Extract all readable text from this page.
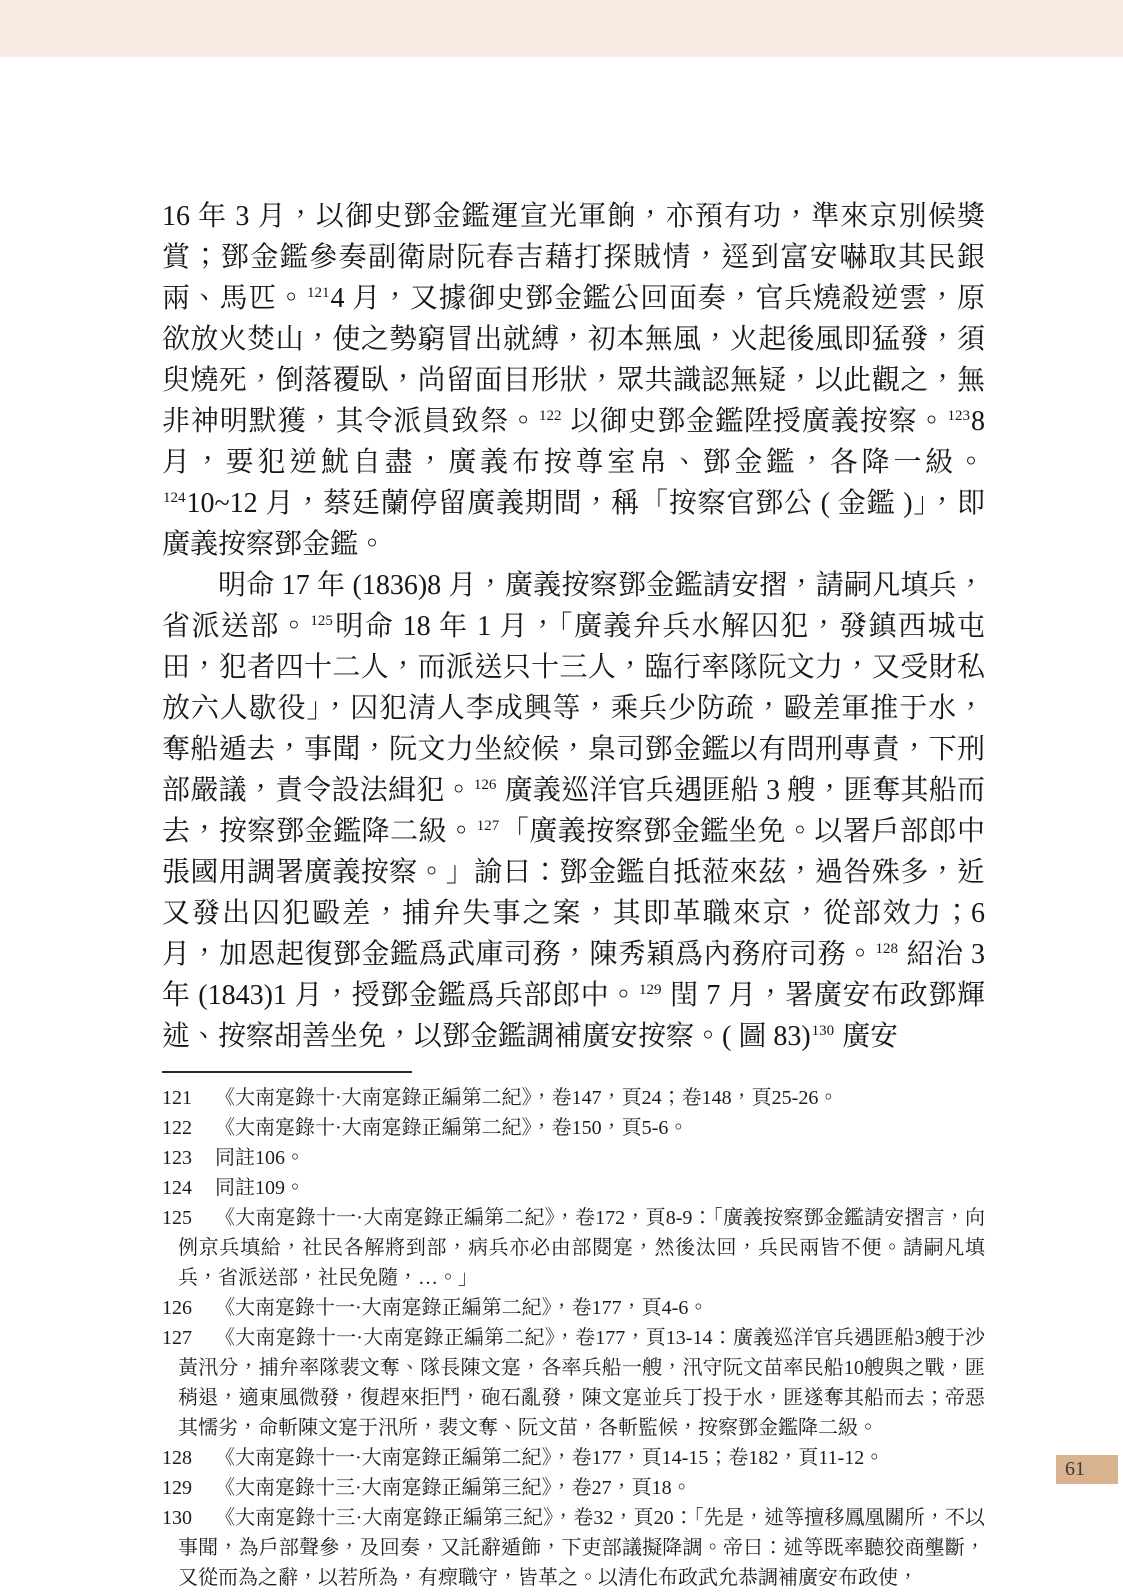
16 年 3 月，以御史鄧金鑑運宣光軍餉，亦預有功，準來京別候獎賞；鄧金鑑參奏副衛尉阮春吉藉打探賊情，逕到富安嚇取其民銀兩、馬匹。$^{121}$4 月，又據御史鄧金鑑公回面奏，官兵燒殺逆雲，原欲放火焚山，使之勢窮冒出就縛，初本無風，火起後風即猛發，須臾燒死，倒落覆臥，尚留面目形狀，眾共識認無疑，以此觀之，無非神明默獲，其令派員致祭。$^{122}$ 以御史鄧金鑑陞授廣義按察。$^{123}$8 月，要犯逆魷自盡，廣義布按尊室帛、鄧金鑑，各降一級。$^{124}$10~12 月，蔡廷蘭停留廣義期間，稱「按察官鄧公 ( 金鑑 )」，即廣義按察鄧金鑑。

明命 17 年 (1836)8 月，廣義按察鄧金鑑請安摺，請嗣凡填兵，省派送部。$^{125}$明命 18 年 1 月，「廣義弁兵水解囚犯，發鎮西城屯田，犯者四十二人，而派送只十三人，臨行率隊阮文力，又受財私放六人歇役」，囚犯清人李成興等，乘兵少防疏，毆差軍推于水，奪船遁去，事聞，阮文力坐絞候，臬司鄧金鑑以有問刑專責，下刑部嚴議，責令設法緝犯。$^{126}$ 廣義巡洋官兵遇匪船 3 艘，匪奪其船而去，按察鄧金鑑降二級。$^{127}$「廣義按察鄧金鑑坐免。以署戶部郎中張國用調署廣義按察。」諭曰：鄧金鑑自抵蒞來茲，過咎殊多，近又發出囚犯毆差，捕弁失事之案，其即革職來京，從部效力；6 月，加恩起復鄧金鑑爲武庫司務，陳秀穎爲內務府司務。$^{128}$ 紹治 3 年 (1843)1 月，授鄧金鑑爲兵部郎中。$^{129}$ 閏 7 月，署廣安布政鄧輝述、按察胡善坐免，以鄧金鑑調補廣安按察。( 圖 83)$^{130}$ 廣安

121	《大南寔錄十·大南寔錄正編第二紀》，卷147，頁24；卷148，頁25-26。
122	《大南寔錄十·大南寔錄正編第二紀》，卷150，頁5-6。
123	同註106。
124	同註109。
125	《大南寔錄十一·大南寔錄正編第二紀》，卷172，頁8-9：「廣義按察鄧金鑑請安摺言，向例京兵填給，社民各解將到部，病兵亦必由部閱寔，然後汰回，兵民兩皆不便。請嗣凡填兵，省派送部，社民免隨，…。」
126	《大南寔錄十一·大南寔錄正編第二紀》，卷177，頁4-6。
127	《大南寔錄十一·大南寔錄正編第二紀》，卷177，頁13-14：廣義巡洋官兵遇匪船3艘于沙黃汛分，捕弁率隊裴文奪、隊長陳文寔，各率兵船一艘，汛守阮文苗率民船10艘與之戰，匪稍退，適東風微發，復趕來拒鬥，砲石亂發，陳文寔並兵丁投于水，匪遂奪其船而去；帝惡其懦劣，命斬陳文寔于汛所，裴文奪、阮文苗，各斬監候，按察鄧金鑑降二級。
128	《大南寔錄十一·大南寔錄正編第二紀》，卷177，頁14-15；卷182，頁11-12。
129	《大南寔錄十三·大南寔錄正編第三紀》，卷27，頁18。
130	《大南寔錄十三·大南寔錄正編第三紀》，卷32，頁20：「先是，述等擅移鳳凰關所，不以事聞，為户部聲參，及回奏，又託辭遁飾，下吏部議擬降調。帝曰：述等既率聽狡商壟斷，又從而為之辭，以若所為，有瘝職守，皆革之。以清化布政武允恭調補廣安布政使，
61
